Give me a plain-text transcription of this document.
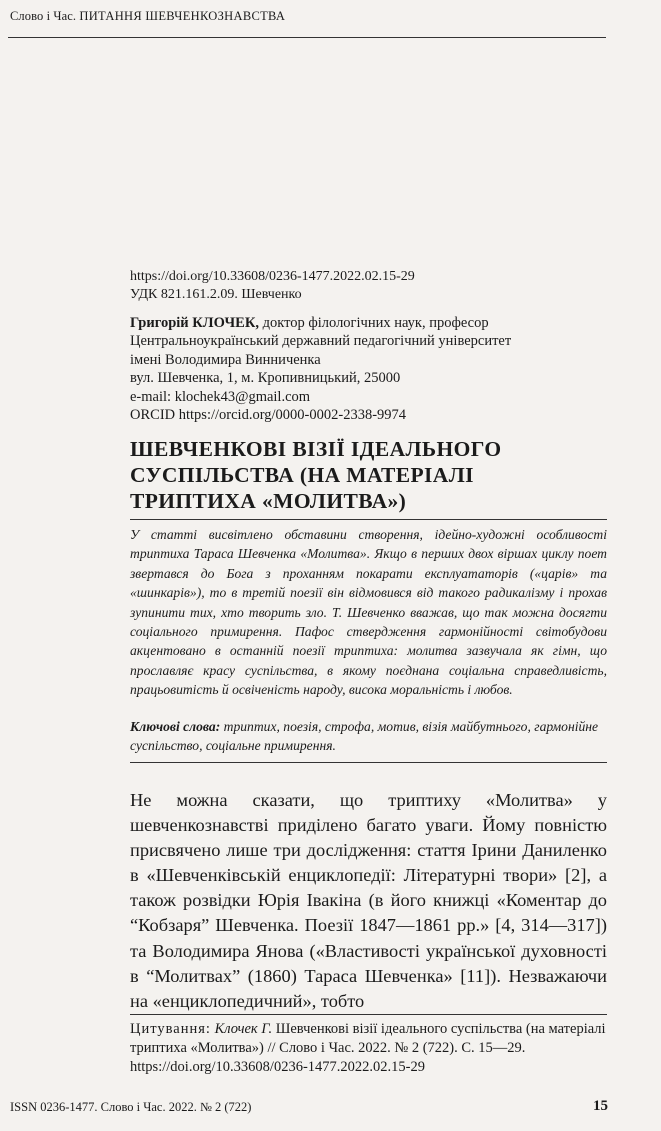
Слово і Час. ПИТАННЯ ШЕВЧЕНКОЗНАВСТВА
https://doi.org/10.33608/0236-1477.2022.02.15-29
УДК 821.161.2.09. Шевченко
Григорій КЛОЧЕК, доктор філологічних наук, професор
Центральноукраїнський державний педагогічний університет
імені Володимира Винниченка
вул. Шевченка, 1, м. Кропивницький, 25000
e-mail: klochek43@gmail.com
ORCID https://orcid.org/0000-0002-2338-9974
ШЕВЧЕНКОВІ ВІЗІЇ ІДЕАЛЬНОГО
СУСПІЛЬСТВА (НА МАТЕРІАЛІ
ТРИПТИХА «МОЛИТВА»)

У статті висвітлено обставини створення, ідейно-художні особливості триптиха Тараса Шевченка «Молитва». Якщо в перших двох віршах циклу поет звертався до Бога з проханням покарати експлуататорів («царів» та «шинкарів»), то в третій поезії він відмовився від такого радикалізму і прохав зупинити тих, хто творить зло. Т. Шевченко вважав, що так можна досягти соціального примирення. Пафос ствердження гармонійності світобудови акцентовано в останній поезії триптиха: молитва зазвучала як гімн, що прославляє красу суспільства, в якому поєднана соціальна справедливість, працьовитість й освіченість народу, висока моральність і любов.

Ключові слова: триптих, поезія, строфа, мотив, візія майбутнього, гармонійне суспільство, соціальне примирення.

Не можна сказати, що триптиху «Молитва» у шевченкознавстві приділено багато уваги. Йому повністю присвячено лише три дослідження: стаття Ірини Даниленко в «Шевченківській енциклопедії: Літературні твори» [2], а також розвідки Юрія Івакіна (в його книжці «Коментар до “Кобзаря” Шевченка. Поезії 1847—1861 рр.» [4, 314—317]) та Володимира Янова («Властивості української духовності в “Молитвах” (1860) Тараса Шевченка» [11]). Незважаючи на «енциклопедичний», тобто

Цитування: Клочек Г. Шевченкові візії ідеального суспільства (на матеріалі триптиха «Молитва») // Слово і Час. 2022. № 2 (722). С. 15—29. https://doi.org/10.33608/0236-1477.2022.02.15-29

ISSN 0236-1477. Слово і Час. 2022. № 2 (722)	15
